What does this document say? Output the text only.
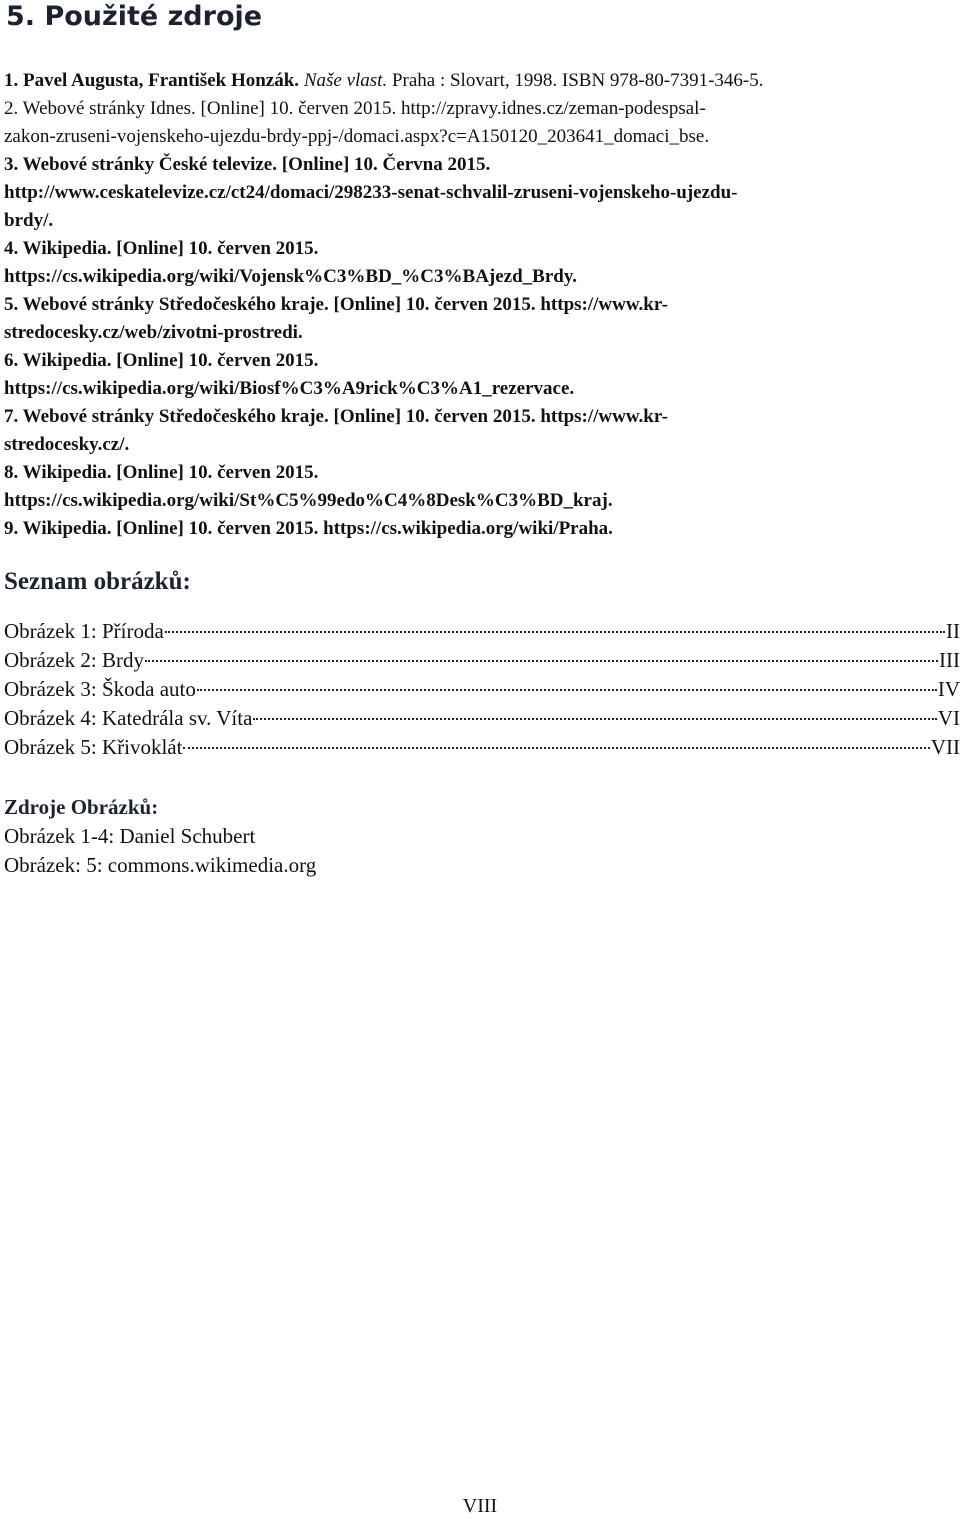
5. Použité zdroje

1. Pavel Augusta, František Honzák. Naše vlast. Praha : Slovart, 1998. ISBN 978-80-7391-346-5.

2. Webové stránky Idnes. [Online] 10. červen 2015. http://zpravy.idnes.cz/zeman-podespsal-
zakon-zruseni-vojenskeho-ujezdu-brdy-ppj-/domaci.aspx?c=A150120_203641_domaci_bse.

3. Webové stránky České televize. [Online] 10. Června 2015.
http://www.ceskatelevize.cz/ct24/domaci/298233-senat-schvalil-zruseni-vojenskeho-ujezdu-
brdy/.

4. Wikipedia. [Online] 10. červen 2015.
https://cs.wikipedia.org/wiki/Vojensk%C3%BD_%C3%BAjezd_Brdy.

5. Webové stránky Středočeského kraje. [Online] 10. červen 2015. https://www.kr-
stredocesky.cz/web/zivotni-prostredi.

6. Wikipedia. [Online] 10. červen 2015.
https://cs.wikipedia.org/wiki/Biosf%C3%A9rick%C3%A1_rezervace.

7. Webové stránky Středočeského kraje. [Online] 10. červen 2015. https://www.kr-
stredocesky.cz/.

8. Wikipedia. [Online] 10. červen 2015.
https://cs.wikipedia.org/wiki/St%C5%99edo%C4%8Desk%C3%BD_kraj.

9. Wikipedia. [Online] 10. červen 2015. https://cs.wikipedia.org/wiki/Praha.

Seznam obrázků:
Obrázek 1: Příroda	II
Obrázek 2: Brdy	III
Obrázek 3: Škoda auto	IV
Obrázek 4: Katedrála sv. Víta	VI
Obrázek 5: Křivoklát	VII
Zdroje Obrázků:
Obrázek 1-4: Daniel Schubert
Obrázek: 5: commons.wikimedia.org
VIII
